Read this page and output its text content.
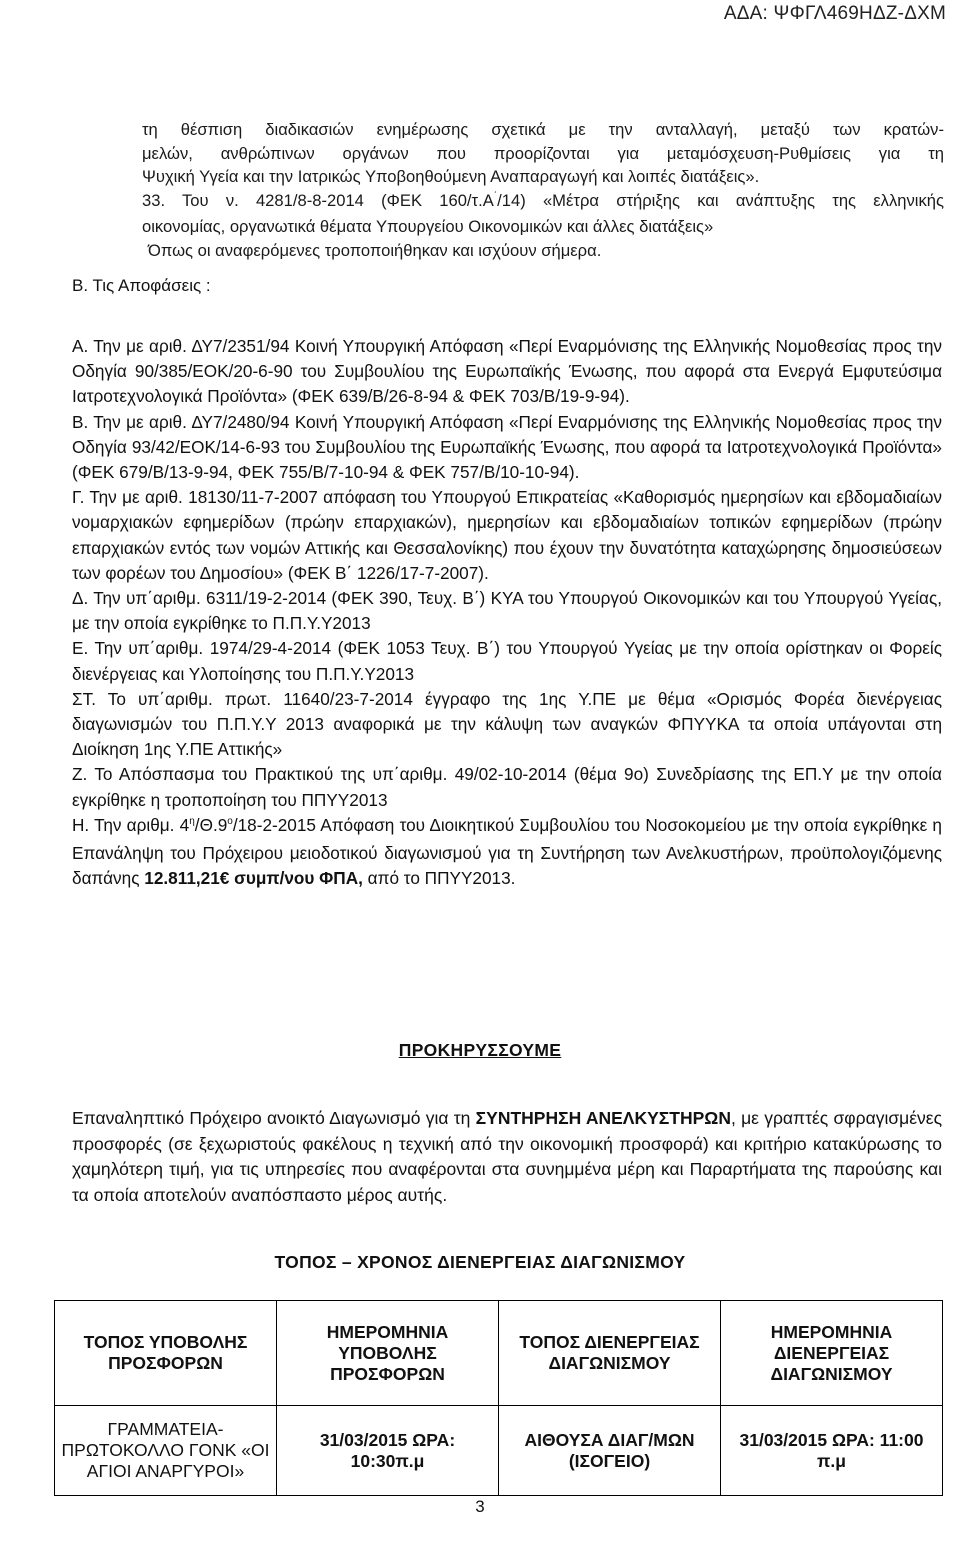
ΑΔΑ: ΨΦΓΛ469ΗΔΖ-ΔΧΜ

τη θέσπιση διαδικασιών ενημέρωσης σχετικά με την ανταλλαγή, μεταξύ των κρατών-

μελών, ανθρώπινων οργάνων που προορίζονται για μεταμόσχευση-Ρυθμίσεις για τη

Ψυχική Υγεία και την Ιατρικώς Υποβοηθούμενη Αναπαραγωγή και λοιπές διατάξεις».

33. Του ν. 4281/8-8-2014 (ΦΕΚ 160/τ.Α΄/14) «Μέτρα στήριξης και ανάπτυξης της ελληνικής

οικονομίας, οργανωτικά θέματα Υπουργείου Οικονομικών και άλλες διατάξεις»

Όπως οι αναφερόμενες τροποποιήθηκαν και ισχύουν σήμερα.

Β. Τις Αποφάσεις :

Α. Την με αριθ. ΔΥ7/2351/94 Κοινή Υπουργική Απόφαση «Περί Εναρμόνισης της Ελληνικής Νομοθεσίας προς την Οδηγία 90/385/ΕΟΚ/20-6-90 του Συμβουλίου της Ευρωπαϊκής Ένωσης, που αφορά στα Ενεργά Εμφυτεύσιμα Ιατροτεχνολογικά Προϊόντα» (ΦΕΚ 639/Β/26-8-94 & ΦΕΚ 703/Β/19-9-94).

Β. Την με αριθ. ΔΥ7/2480/94 Κοινή Υπουργική Απόφαση «Περί Εναρμόνισης της Ελληνικής Νομοθεσίας προς την Οδηγία 93/42/ΕΟΚ/14-6-93 του Συμβουλίου της Ευρωπαϊκής Ένωσης, που αφορά τα Ιατροτεχνολογικά Προϊόντα» (ΦΕΚ 679/Β/13-9-94, ΦΕΚ 755/Β/7-10-94 & ΦΕΚ 757/Β/10-10-94).

Γ. Την με αριθ. 18130/11-7-2007 απόφαση του Υπουργού Επικρατείας «Καθορισμός ημερησίων και εβδομαδιαίων νομαρχιακών εφημερίδων (πρώην επαρχιακών), ημερησίων και εβδομαδιαίων τοπικών εφημερίδων (πρώην επαρχιακών εντός των νομών Αττικής και Θεσσαλονίκης) που έχουν την δυνατότητα καταχώρησης δημοσιεύσεων των φορέων του Δημοσίου» (ΦΕΚ Β΄ 1226/17-7-2007).

Δ. Την υπ΄αριθμ. 6311/19-2-2014 (ΦΕΚ 390, Τευχ. Β΄) ΚΥΑ του Υπουργού Οικονομικών και του Υπουργού Υγείας, με την οποία εγκρίθηκε το Π.Π.Υ.Υ2013

Ε. Την υπ΄αριθμ. 1974/29-4-2014 (ΦΕΚ 1053 Τευχ. Β΄) του Υπουργού Υγείας με την οποία ορίστηκαν οι Φορείς διενέργειας και Υλοποίησης του Π.Π.Υ.Υ2013

ΣΤ. Το υπ΄αριθμ. πρωτ. 11640/23-7-2014 έγγραφο της 1ης Υ.ΠΕ με θέμα «Ορισμός Φορέα διενέργειας διαγωνισμών του Π.Π.Υ.Υ 2013 αναφορικά με την κάλυψη των αναγκών ΦΠΥΥΚΑ τα οποία υπάγονται στη Διοίκηση 1ης Υ.ΠΕ Αττικής»

Ζ. Το Απόσπασμα του Πρακτικού της υπ΄αριθμ. 49/02-10-2014 (θέμα 9ο) Συνεδρίασης της ΕΠ.Υ με την οποία εγκρίθηκε η τροποποίηση του ΠΠΥΥ2013

Η. Την αριθμ. $4^\eta/\Theta.9^o/18-2-2015$ Απόφαση του Διοικητικού Συμβουλίου του Νοσοκομείου με την οποία εγκρίθηκε η Επανάληψη του Πρόχειρου μειοδοτικού διαγωνισμού για τη Συντήρηση των Ανελκυστήρων, προϋπολογιζόμενης δαπάνης 12.811,21€ συμπ/νου ΦΠΑ, από το ΠΠΥΥ2013.

ΠΡΟΚΗΡΥΣΣΟΥΜΕ

Επαναληπτικό Πρόχειρο ανοικτό Διαγωνισμό για τη ΣΥΝΤΗΡΗΣΗ ΑΝΕΛΚΥΣΤΗΡΩΝ, με γραπτές σφραγισμένες προσφορές (σε ξεχωριστούς φακέλους η τεχνική από την οικονομική προσφορά) και κριτήριο κατακύρωσης το χαμηλότερη τιμή, για τις υπηρεσίες που αναφέρονται στα συνημμένα μέρη και Παραρτήματα της παρούσης και τα οποία αποτελούν αναπόσπαστο μέρος αυτής.

ΤΟΠΟΣ – ΧΡΟΝΟΣ ΔΙΕΝΕΡΓΕΙΑΣ ΔΙΑΓΩΝΙΣΜΟΥ
ΤΟΠΟΣ ΥΠΟΒΟΛΗΣ ΠΡΟΣΦΟΡΩΝ	ΗΜΕΡΟΜΗΝΙΑ ΥΠΟΒΟΛΗΣ ΠΡΟΣΦΟΡΩΝ	ΤΟΠΟΣ ΔΙΕΝΕΡΓΕΙΑΣ ΔΙΑΓΩΝΙΣΜΟΥ	ΗΜΕΡΟΜΗΝΙΑ ΔΙΕΝΕΡΓΕΙΑΣ ΔΙΑΓΩΝΙΣΜΟΥ
ΓΡΑΜΜΑΤΕΙΑ-ΠΡΩΤΟΚΟΛΛΟ ΓΟΝΚ «ΟΙ ΑΓΙΟΙ ΑΝΑΡΓΥΡΟΙ»	31/03/2015 ΩΡΑ: 10:30π.μ	ΑΙΘΟΥΣΑ ΔΙΑΓ/ΜΩΝ (ΙΣΟΓΕΙΟ)	31/03/2015 ΩΡΑ: 11:00 π.μ
3
